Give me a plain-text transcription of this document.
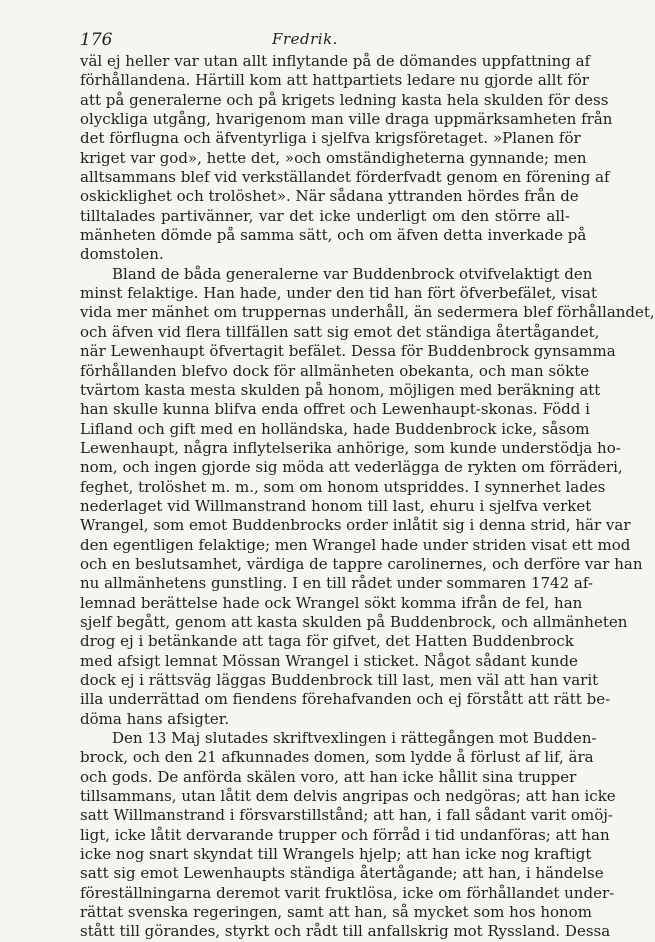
176	Fredrik.
väl ej heller var utan allt inflytande på de dömandes uppfattning af
förhållandena. Härtill kom att hattpartiets ledare nu gjorde allt för
att på generalerne och på krigets ledning kasta hela skulden för dess
olyckliga utgång, hvarigenom man ville draga uppmärksamheten från
det förflugna och äfventyrliga i sjelfva krigsföretaget. »Planen för
kriget var god», hette det, »och omständigheterna gynnande; men
alltsammans blef vid verkställandet förderfvadt genom en förening af
oskicklighet och trolöshet». När sådana yttranden hördes från de
tilltalades partivänner, var det icke underligt om den större all-
mänheten dömde på samma sätt, och om äfven detta inverkade på
domstolen.
Bland de båda generalerne var Buddenbrock otvifvelaktigt den
minst felaktige. Han hade, under den tid han fört öfverbefälet, visat
vida mer mänhet om truppernas underhåll, än sedermera blef förhållandet,
och äfven vid flera tillfällen satt sig emot det ständiga återtågandet,
när Lewenhaupt öfvertagit befälet. Dessa för Buddenbrock gynsamma
förhållanden blefvo dock för allmänheten obekanta, och man sökte
tvärtom kasta mesta skulden på honom, möjligen med beräkning att
han skulle kunna blifva enda offret och Lewenhaupt-skonas. Född i
Lifland och gift med en holländska, hade Buddenbrock icke, såsom
Lewenhaupt, några inflytelserika anhörige, som kunde understödja ho-
nom, och ingen gjorde sig möda att vederlägga de rykten om förräderi,
feghet, trolöshet m. m., som om honom utspriddes. I synnerhet lades
nederlaget vid Willmanstrand honom till last, ehuru i sjelfva verket
Wrangel, som emot Buddenbrocks order inlåtit sig i denna strid, här var
den egentligen felaktige; men Wrangel hade under striden visat ett mod
och en beslutsamhet, värdiga de tappre carolinernes, och derföre var han
nu allmänhetens gunstling. I en till rådet under sommaren 1742 af-
lemnad berättelse hade ock Wrangel sökt komma ifrån de fel, han
sjelf begått, genom att kasta skulden på Buddenbrock, och allmänheten
drog ej i betänkande att taga för gifvet, det Hatten Buddenbrock
med afsigt lemnat Mössan Wrangel i sticket. Något sådant kunde
dock ej i rättsväg läggas Buddenbrock till last, men väl att han varit
illa underrättad om fiendens förehafvanden och ej förstått att rätt be-
döma hans afsigter.
Den 13 Maj slutades skriftvexlingen i rättegången mot Budden-
brock, och den 21 afkunnades domen, som lydde å förlust af lif, ära
och gods. De anförda skälen voro, att han icke hållit sina trupper
tillsammans, utan låtit dem delvis angripas och nedgöras; att han icke
satt Willmanstrand i försvarstillstånd; att han, i fall sådant varit omöj-
ligt, icke låtit dervarande trupper och förråd i tid undanföras; att han
icke nog snart skyndat till Wrangels hjelp; att han icke nog kraftigt
satt sig emot Lewenhaupts ständiga återtågande; att han, i händelse
föreställningarna deremot varit fruktlösa, icke om förhållandet under-
rättat svenska regeringen, samt att han, så mycket som hos honom
stått till görandes, styrkt och rådt till anfallskrig mot Ryssland. Dessa
